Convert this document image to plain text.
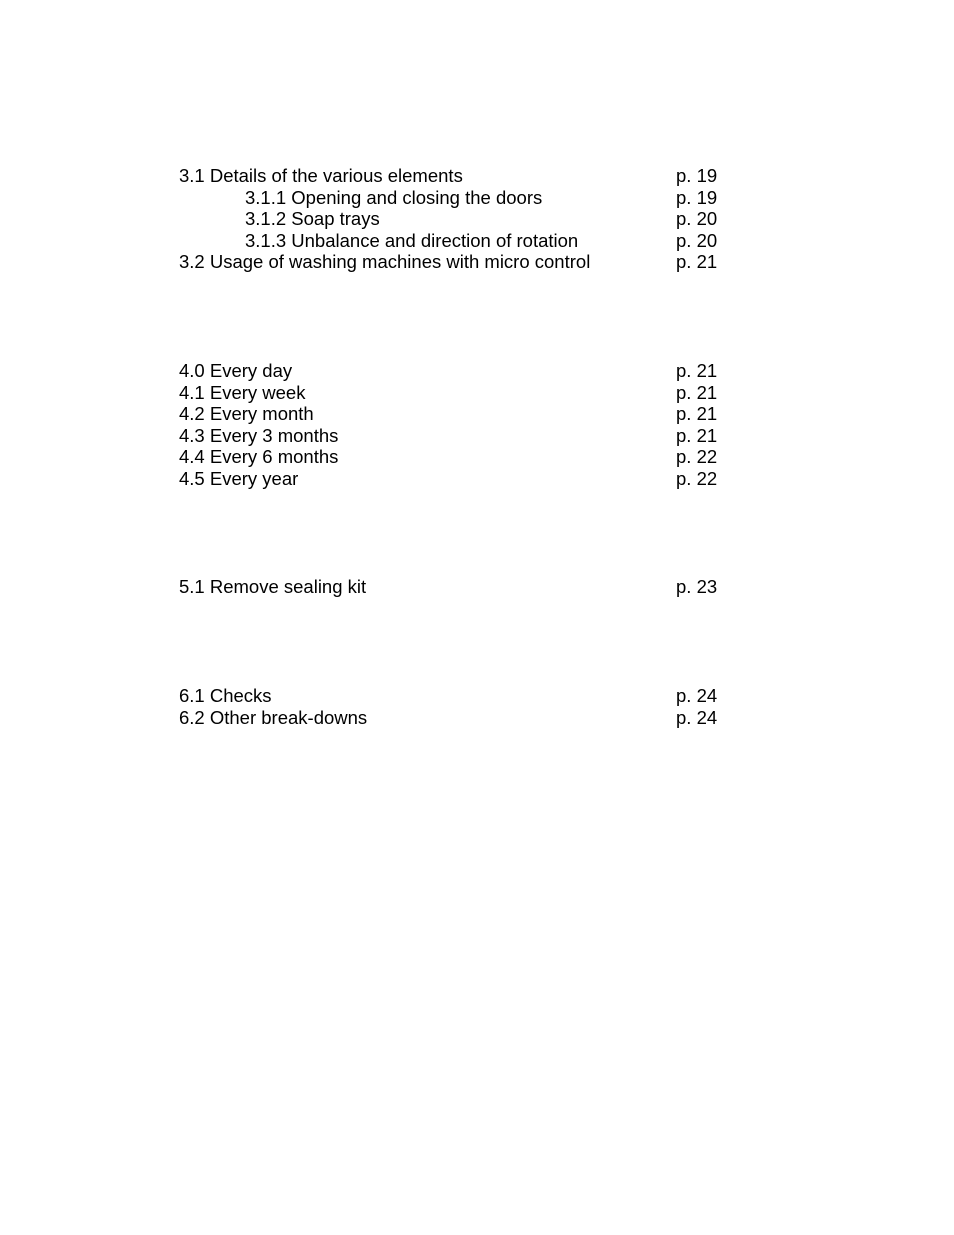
3.1 Details of the various elements	p. 19
3.1.1 Opening and closing the doors	p. 19
3.1.2 Soap trays	p. 20
3.1.3 Unbalance and direction of rotation	p. 20
3.2 Usage of washing machines with micro control	p. 21
4.0 Every day	p. 21
4.1 Every week	p. 21
4.2 Every month	p. 21
4.3 Every 3 months	p. 21
4.4 Every 6 months	p. 22
4.5 Every year	p. 22
5.1 Remove sealing kit	p. 23
6.1 Checks	p. 24
6.2 Other break-downs	p. 24
